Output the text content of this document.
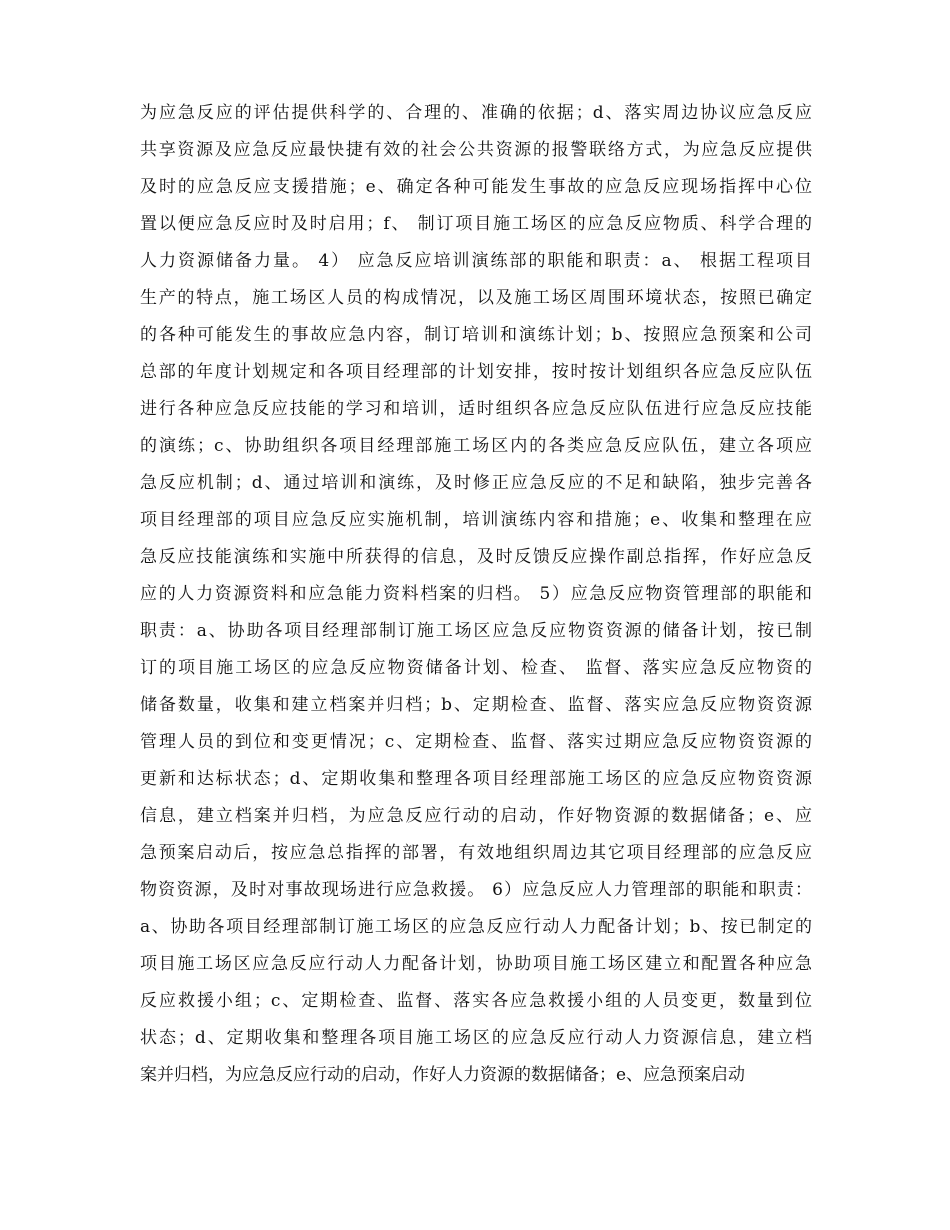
为应急反应的评估提供科学的、合理的、准确的依据；d、落实周边协议应急反应
共享资源及应急反应最快捷有效的社会公共资源的报警联络方式，为应急反应提供
及时的应急反应支援措施；e、确定各种可能发生事故的应急反应现场指挥中心位
置以便应急反应时及时启用；f、 制订项目施工场区的应急反应物质、科学合理的
人力资源储备力量。 4） 应急反应培训演练部的职能和职责：a、 根据工程项目
生产的特点，施工场区人员的构成情况，以及施工场区周围环境状态，按照已确定
的各种可能发生的事故应急内容，制订培训和演练计划；b、按照应急预案和公司
总部的年度计划规定和各项目经理部的计划安排，按时按计划组织各应急反应队伍
进行各种应急反应技能的学习和培训，适时组织各应急反应队伍进行应急反应技能
的演练；c、协助组织各项目经理部施工场区内的各类应急反应队伍，建立各项应
急反应机制；d、通过培训和演练，及时修正应急反应的不足和缺陷，独步完善各
项目经理部的项目应急反应实施机制，培训演练内容和措施；e、收集和整理在应
急反应技能演练和实施中所获得的信息，及时反馈反应操作副总指挥，作好应急反
应的人力资源资料和应急能力资料档案的归档。 5）应急反应物资管理部的职能和
职责：a、协助各项目经理部制订施工场区应急反应物资资源的储备计划，按已制
订的项目施工场区的应急反应物资储备计划、检查、 监督、落实应急反应物资的
储备数量，收集和建立档案并归档；b、定期检查、监督、落实应急反应物资资源
管理人员的到位和变更情况；c、定期检查、监督、落实过期应急反应物资资源的
更新和达标状态；d、定期收集和整理各项目经理部施工场区的应急反应物资资源
信息，建立档案并归档，为应急反应行动的启动，作好物资源的数据储备；e、应
急预案启动后，按应急总指挥的部署，有效地组织周边其它项目经理部的应急反应
物资资源，及时对事故现场进行应急救援。 6）应急反应人力管理部的职能和职责：
a、协助各项目经理部制订施工场区的应急反应行动人力配备计划；b、按已制定的
项目施工场区应急反应行动人力配备计划，协助项目施工场区建立和配置各种应急
反应救援小组；c、定期检查、监督、落实各应急救援小组的人员变更，数量到位
状态；d、定期收集和整理各项目施工场区的应急反应行动人力资源信息，建立档
案并归档，为应急反应行动的启动，作好人力资源的数据储备；e、应急预案启动
